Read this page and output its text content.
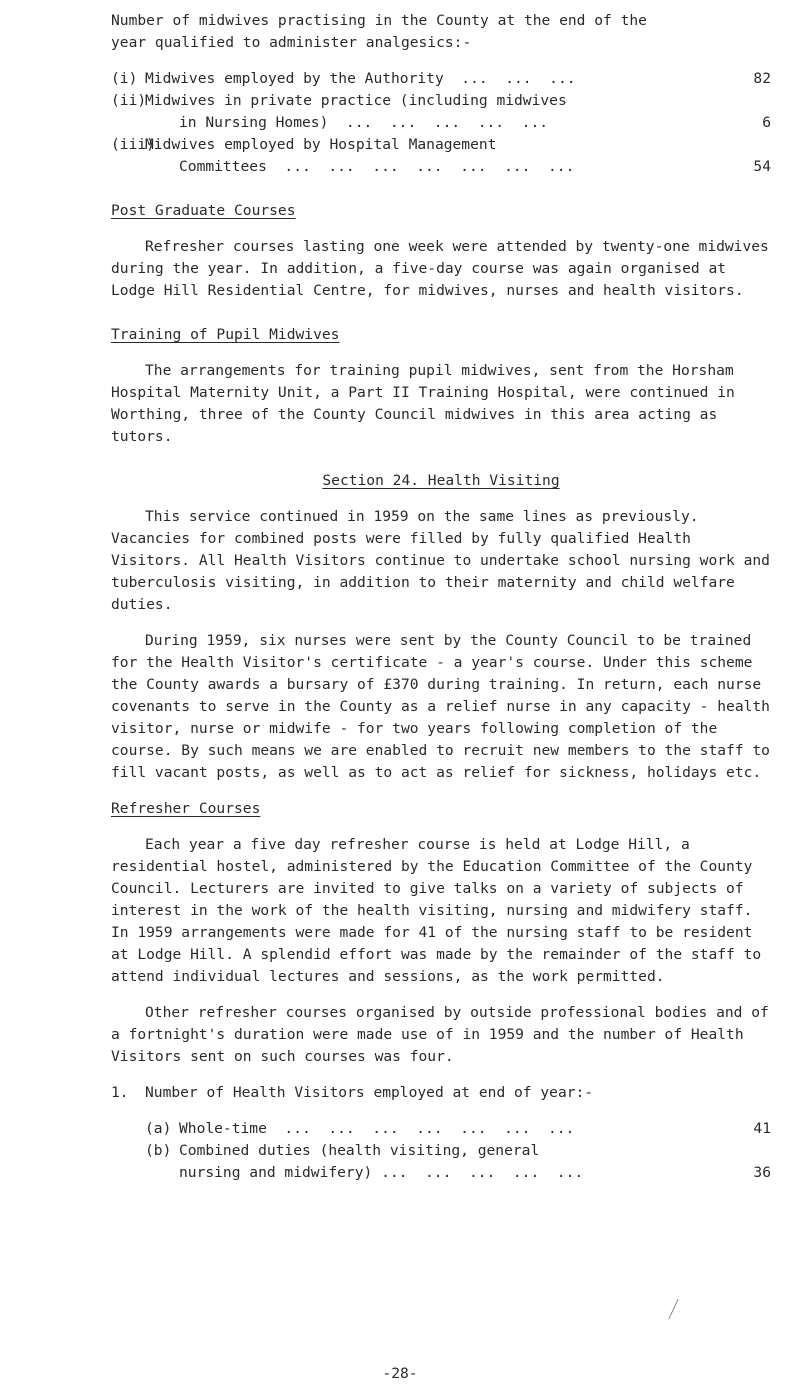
Number of midwives practising in the County at the end of the

year qualified to administer analgesics:-

(i) Midwives employed by the Authority  ...  ...  ...	82
(ii)
Midwives in private practice (including midwives
in Nursing Homes)  ...  ...  ...  ...  ...	6
(iii)
Midwives employed by Hospital Management
Committees  ...  ...  ...  ...  ...  ...  ...	54

Post Graduate Courses

Refresher courses lasting one week were attended by twenty-one midwives during the year. In addition, a five-day course was again organised at Lodge Hill Residential Centre, for midwives, nurses and health visitors.

Training of Pupil Midwives

The arrangements for training pupil midwives, sent from the Horsham Hospital Maternity Unit, a Part II Training Hospital, were continued in Worthing, three of the County Council midwives in this area acting as tutors.

Section 24. Health Visiting

This service continued in 1959 on the same lines as previously. Vacancies for combined posts were filled by fully qualified Health Visitors. All Health Visitors continue to undertake school nursing work and tuberculosis visiting, in addition to their maternity and child welfare duties.

During 1959, six nurses were sent by the County Council to be trained for the Health Visitor's certificate - a year's course. Under this scheme the County awards a bursary of £370 during training. In return, each nurse covenants to serve in the County as a relief nurse in any capacity - health visitor, nurse or midwife - for two years following completion of the course. By such means we are enabled to recruit new members to the staff to fill vacant posts, as well as to act as relief for sickness, holidays etc.

Refresher Courses

Each year a five day refresher course is held at Lodge Hill, a residential hostel, administered by the Education Committee of the County Council. Lecturers are invited to give talks on a variety of subjects of interest in the work of the health visiting, nursing and midwifery staff. In 1959 arrangements were made for 41 of the nursing staff to be resident at Lodge Hill. A splendid effort was made by the remainder of the staff to attend individual lectures and sessions, as the work permitted.

Other refresher courses organised by outside professional bodies and of a fortnight's duration were made use of in 1959 and the number of Health Visitors sent on such courses was four.

1.	Number of Health Visitors employed at end of year:-
(a) Whole-time  ...  ...  ...  ...  ...  ...  ...	41
(b) Combined duties (health visiting, general
nursing and midwifery) ...  ...  ...  ...  ...	36
-28-
